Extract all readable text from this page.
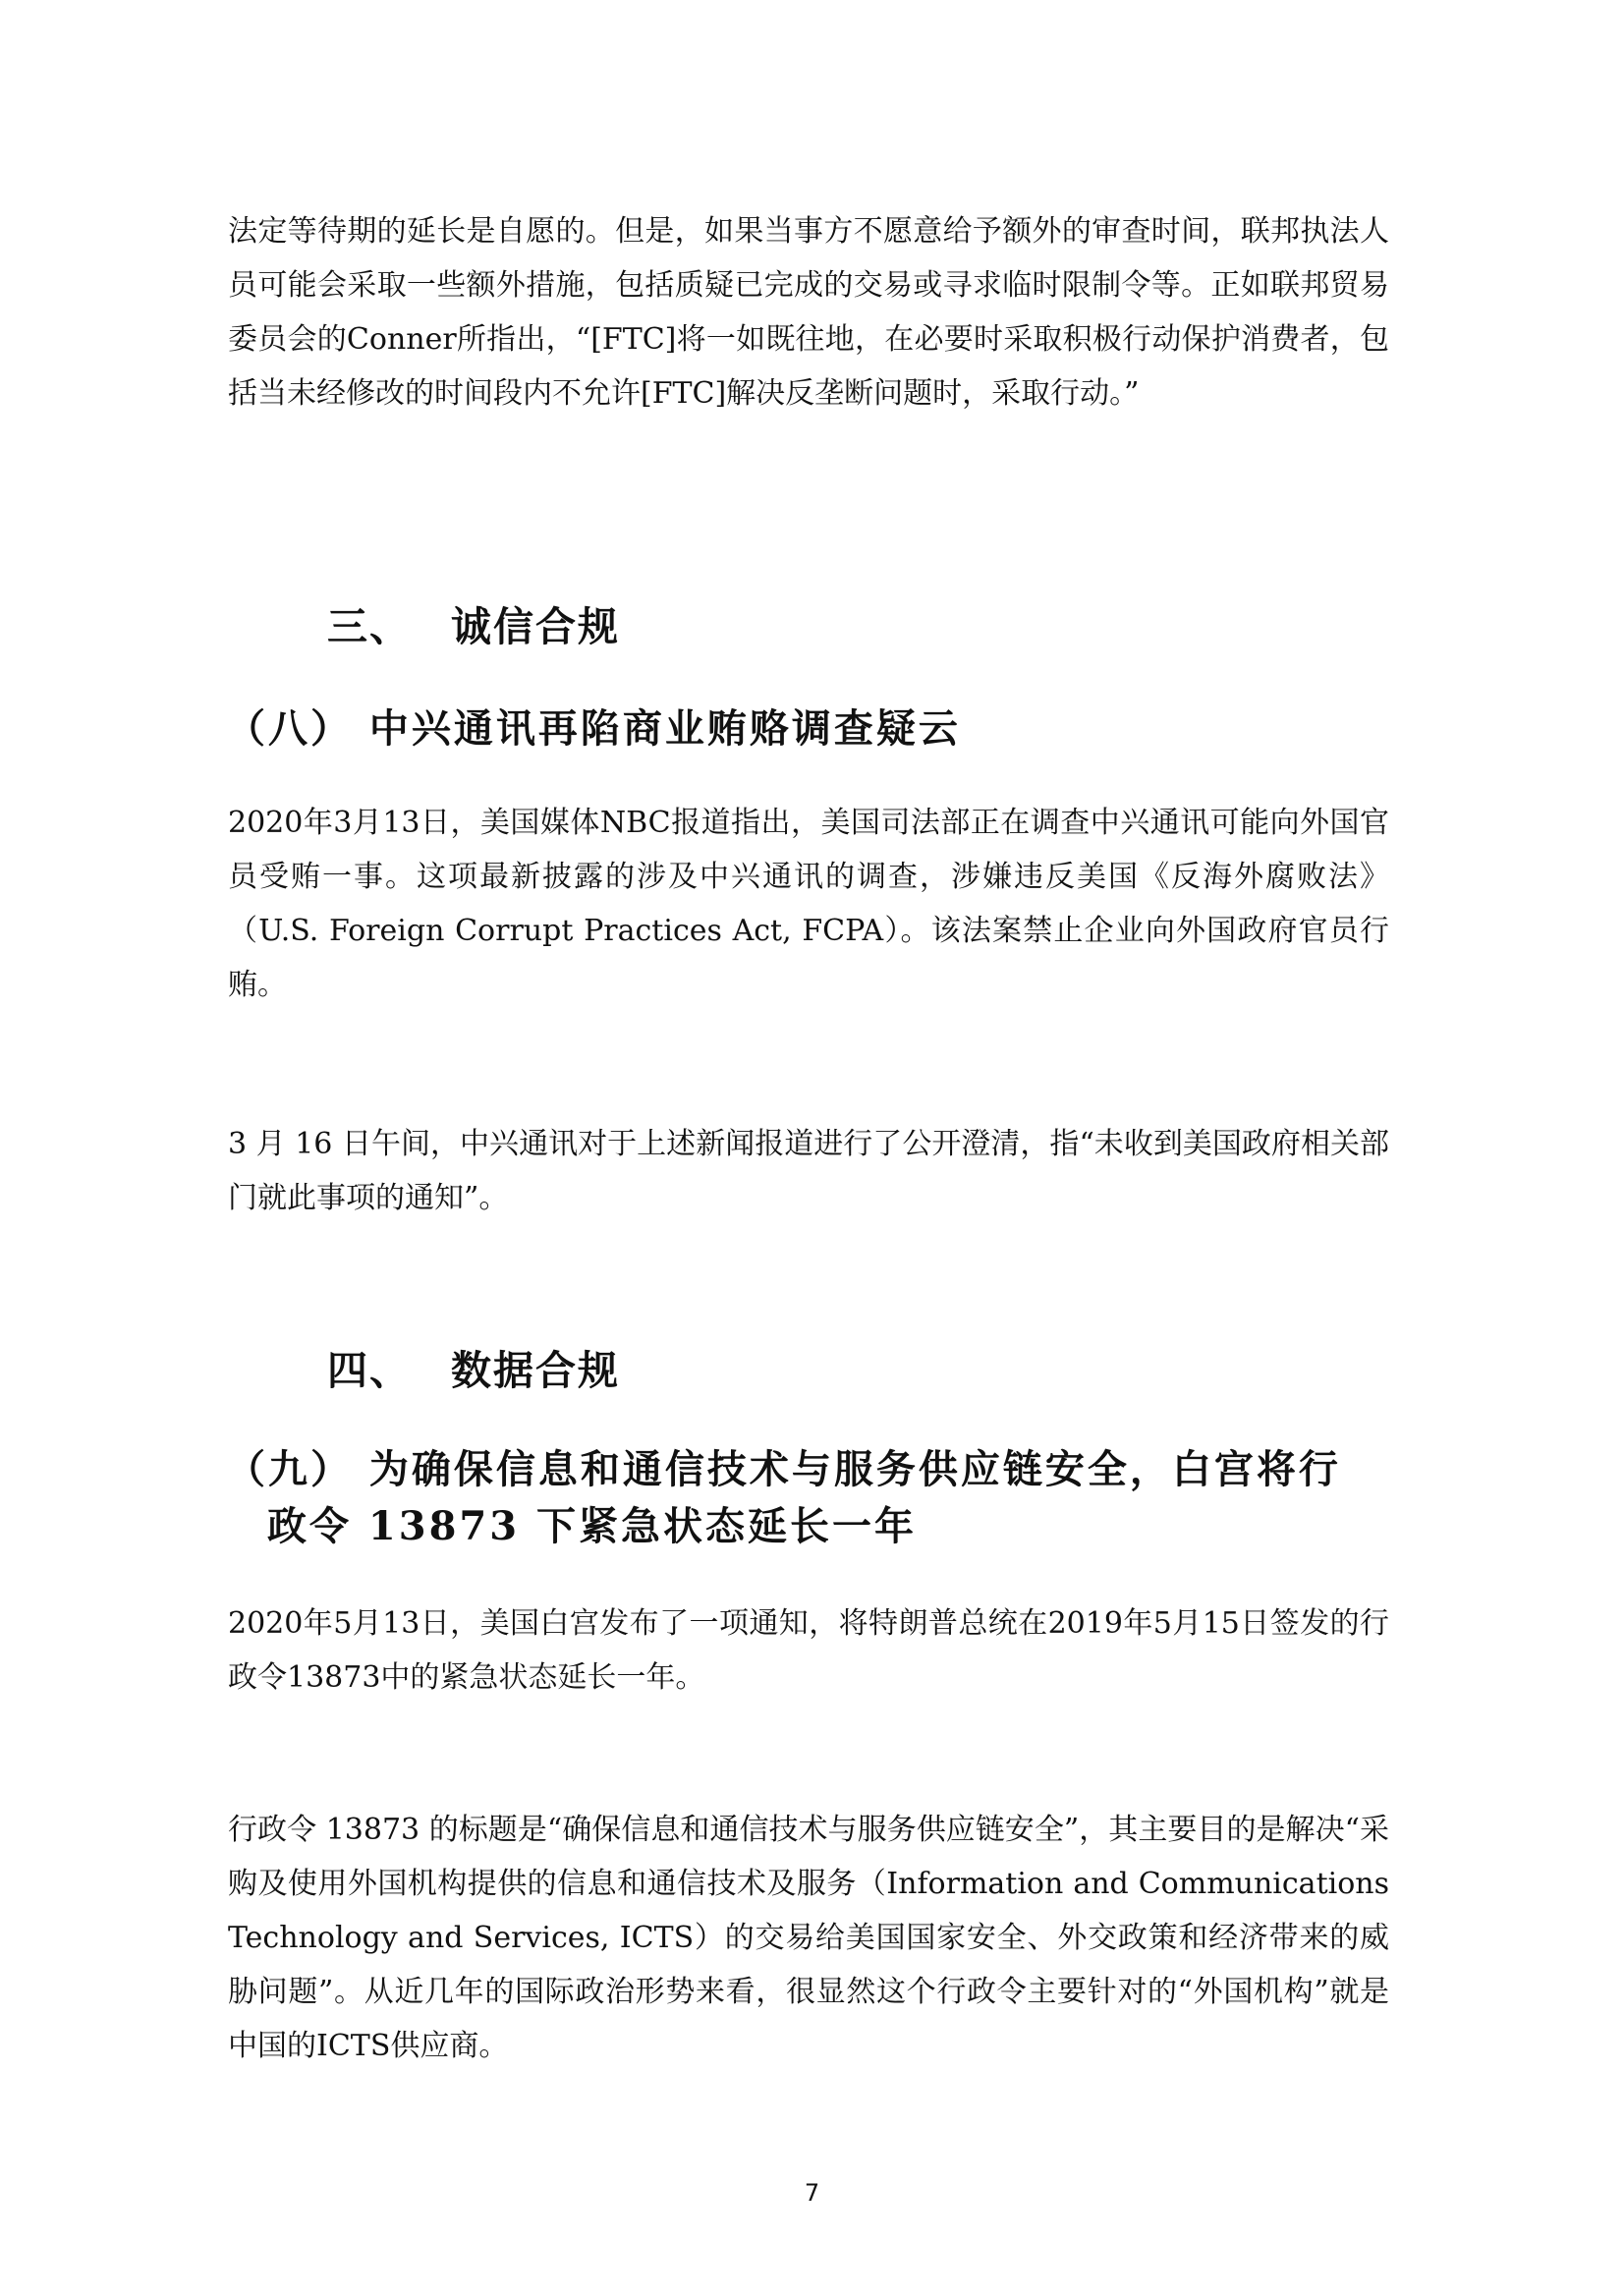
法定等待期的延长是自愿的。但是，如果当事方不愿意给予额外的审查时间，联邦执法人员可能会采取一些额外措施，包括质疑已完成的交易或寻求临时限制令等。正如联邦贸易委员会的Conner所指出，“[FTC]将一如既往地，在必要时采取积极行动保护消费者，包括当未经修改的时间段内不允许[FTC]解决反垄断问题时，采取行动。”

三、 诚信合规
（八） 中兴通讯再陷商业贿赂调查疑云

2020年3月13日，美国媒体NBC报道指出，美国司法部正在调查中兴通讯可能向外国官员受贿一事。这项最新披露的涉及中兴通讯的调查，涉嫌违反美国《反海外腐败法》（U.S. Foreign Corrupt Practices Act, FCPA）。该法案禁止企业向外国政府官员行贿。

3 月 16 日午间，中兴通讯对于上述新闻报道进行了公开澄清，指“未收到美国政府相关部门就此事项的通知”。

四、 数据合规
（九） 为确保信息和通信技术与服务供应链安全，白宫将行
政令 13873 下紧急状态延长一年

2020年5月13日，美国白宫发布了一项通知，将特朗普总统在2019年5月15日签发的行政令13873中的紧急状态延长一年。

行政令 13873 的标题是“确保信息和通信技术与服务供应链安全”，其主要目的是解决“采购及使用外国机构提供的信息和通信技术及服务（Information and Communications Technology and Services, ICTS）的交易给美国国家安全、外交政策和经济带来的威胁问题”。从近几年的国际政治形势来看，很显然这个行政令主要针对的“外国机构”就是中国的ICTS供应商。

7
